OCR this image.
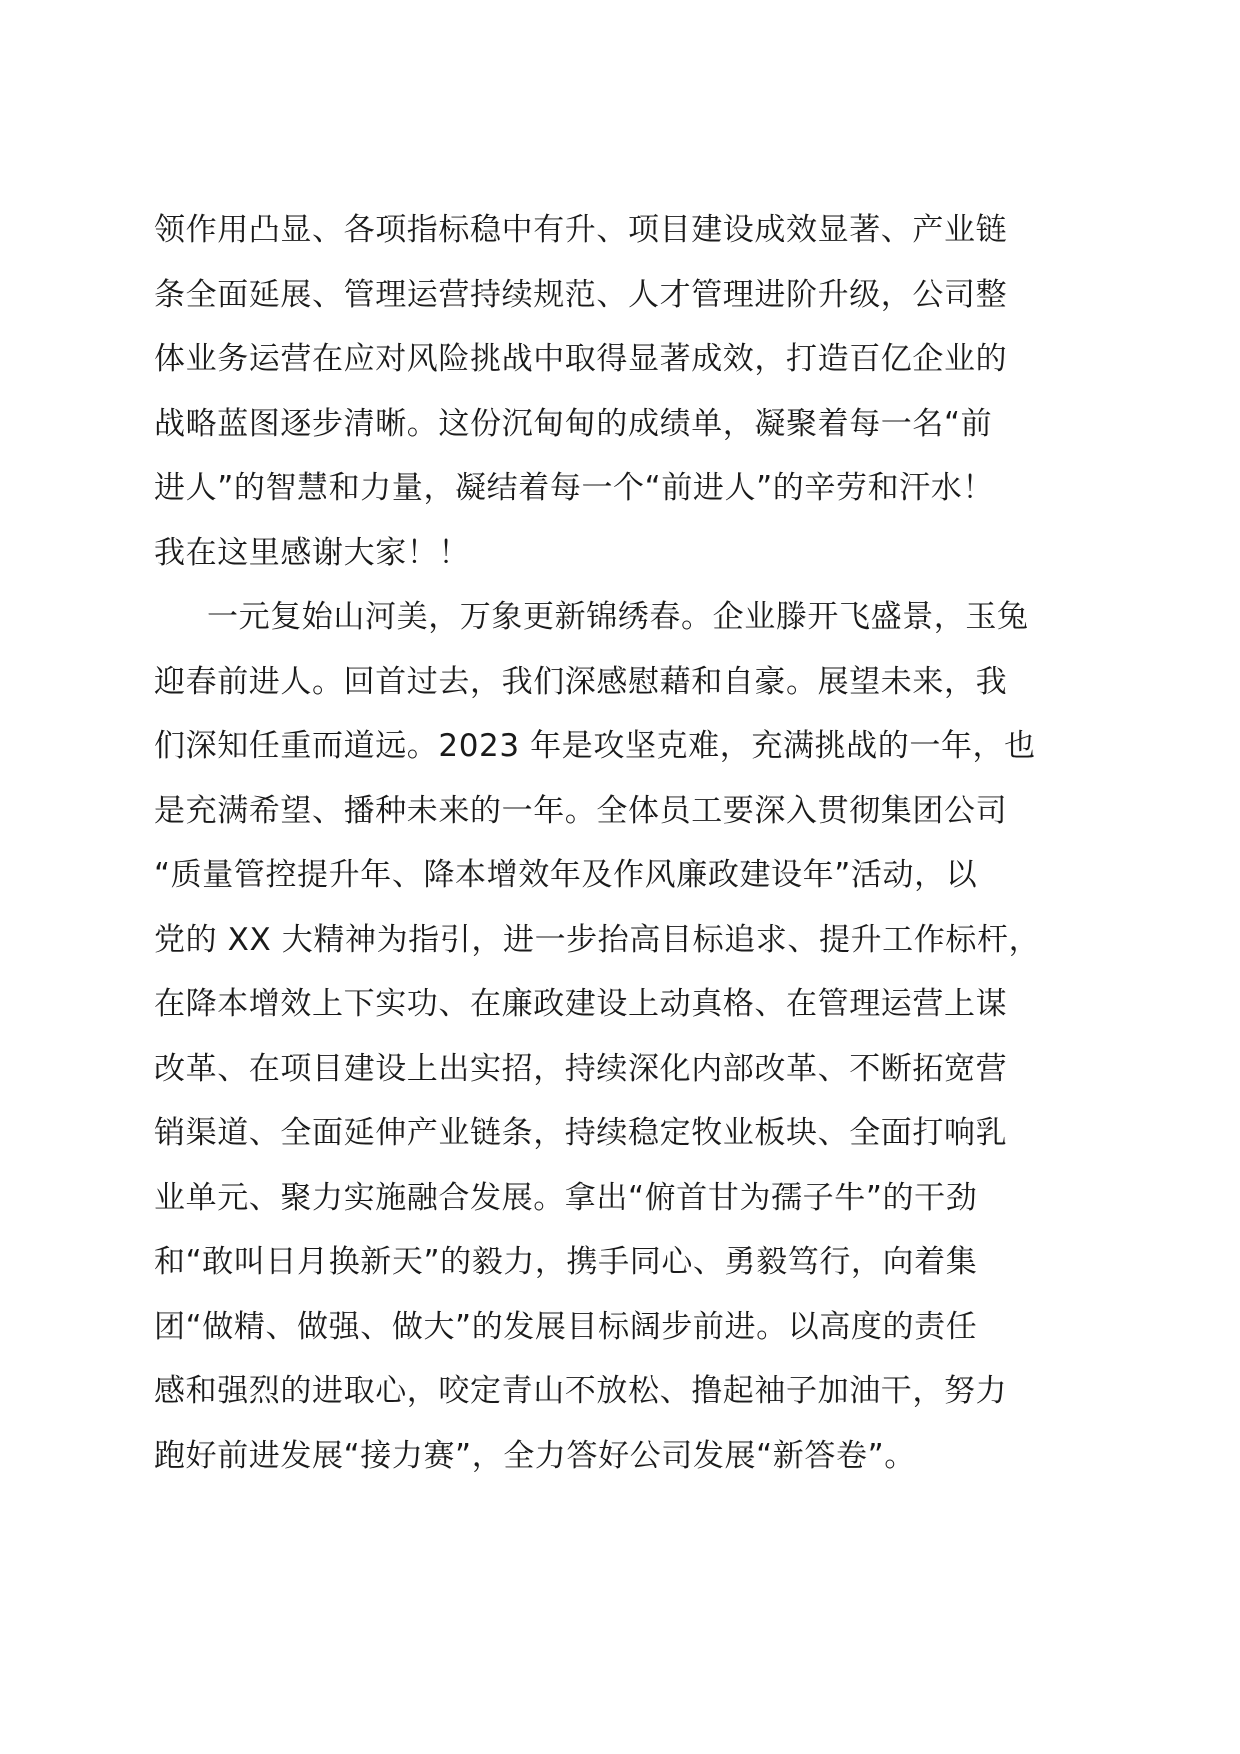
领作用凸显、各项指标稳中有升、项目建设成效显著、产业链
条全面延展、管理运营持续规范、人才管理进阶升级，公司整
体业务运营在应对风险挑战中取得显著成效，打造百亿企业的
战略蓝图逐步清晰。这份沉甸甸的成绩单，凝聚着每一名“前
进人”的智慧和力量，凝结着每一个“前进人”的辛劳和汗水！
我在这里感谢大家！！
一元复始山河美，万象更新锦绣春。企业滕开飞盛景，玉兔
迎春前进人。回首过去，我们深感慰藉和自豪。展望未来，我
们深知任重而道远。2023 年是攻坚克难，充满挑战的一年，也
是充满希望、播种未来的一年。全体员工要深入贯彻集团公司
“质量管控提升年、降本增效年及作风廉政建设年”活动，以
党的 XX 大精神为指引，进一步抬高目标追求、提升工作标杆，
在降本增效上下实功、在廉政建设上动真格、在管理运营上谋
改革、在项目建设上出实招，持续深化内部改革、不断拓宽营
销渠道、全面延伸产业链条，持续稳定牧业板块、全面打响乳
业单元、聚力实施融合发展。拿出“俯首甘为孺子牛”的干劲
和“敢叫日月换新天”的毅力，携手同心、勇毅笃行，向着集
团“做精、做强、做大”的发展目标阔步前进。以高度的责任
感和强烈的进取心，咬定青山不放松、撸起袖子加油干，努力
跑好前进发展“接力赛”，全力答好公司发展“新答卷”。
